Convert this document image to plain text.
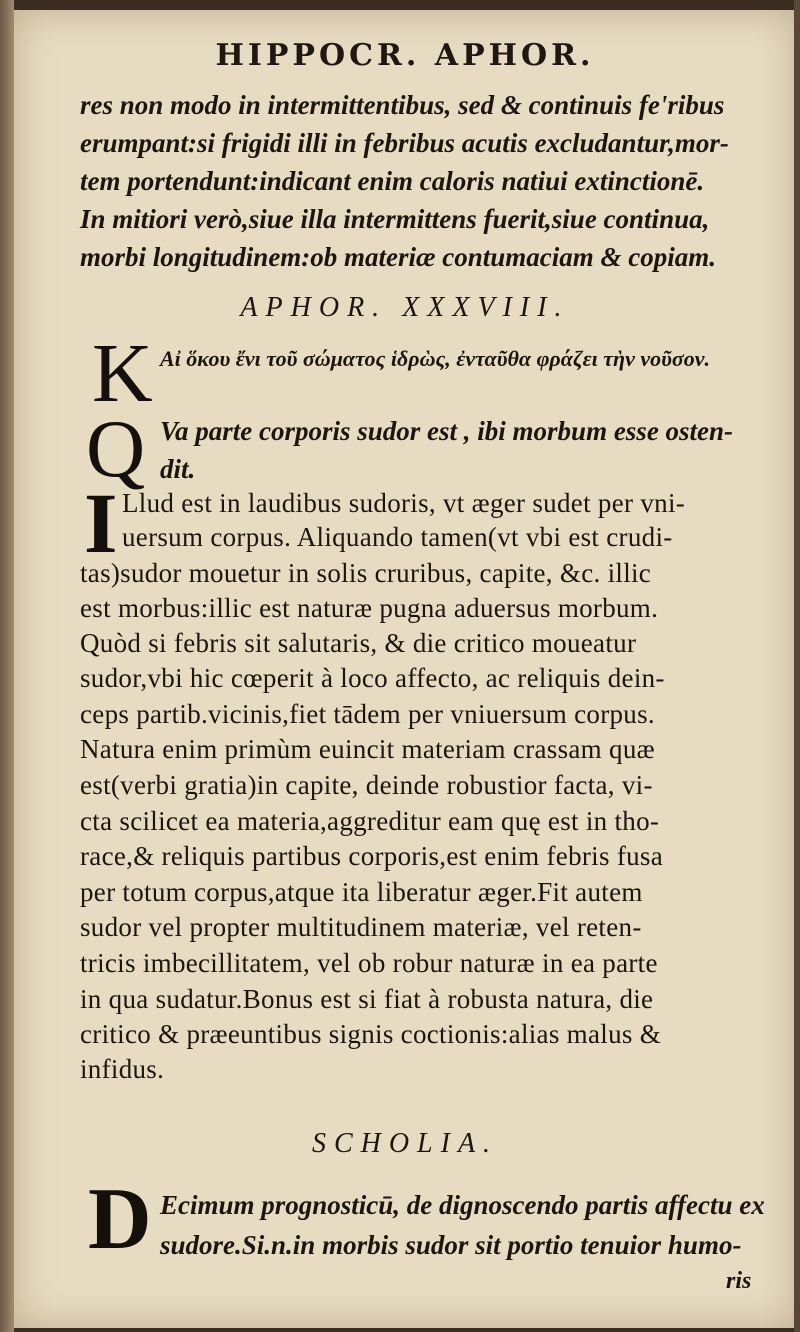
HIPPOCR. APHOR.
res non modo in intermittentibus, sed & continuis fe'ribus
erumpant:si frigidi illi in febribus acutis excludantur,mor-
tem portendunt:indicant enim caloris natiui extinctionē.
In mitiori verò,siue illa intermittens fuerit,siue continua,
morbi longitudinem:ob materiæ contumaciam & copiam.
APHOR. XXXVIII.
K Αἰ ὅκου ἔνι τοῦ σώματος ἱδρὼς, ἐνταῦθα φράζει τὴν νοῦσον.
Q Va parte corporis sudor est , ibi morbum esse osten-
dit.
I Llud est in laudibus sudoris, vt æger sudet per vni-
uersum corpus. Aliquando tamen(vt vbi est crudi-
tas)sudor mouetur in solis cruribus, capite, &c. illic
est morbus:illic est naturæ pugna aduersus morbum.
Quòd si febris sit salutaris, & die critico moueatur
sudor,vbi hic cœperit à loco affecto, ac reliquis dein-
ceps partib.vicinis,fiet tādem per vniuersum corpus.
Natura enim primùm euincit materiam crassam quæ
est(verbi gratia)in capite, deinde robustior facta, vi-
cta scilicet ea materia,aggreditur eam quę est in tho-
race,& reliquis partibus corporis,est enim febris fusa
per totum corpus,atque ita liberatur æger.Fit autem
sudor vel propter multitudinem materiæ, vel reten-
tricis imbecillitatem, vel ob robur naturæ in ea parte
in qua sudatur.Bonus est si fiat à robusta natura, die
critico & præeuntibus signis coctionis:alias malus &
infidus.
SCHOLIA.
D Ecimum prognosticū, de dignoscendo partis affectu ex
sudore.Si.n.in morbis sudor sit portio tenuior humo-
ris
